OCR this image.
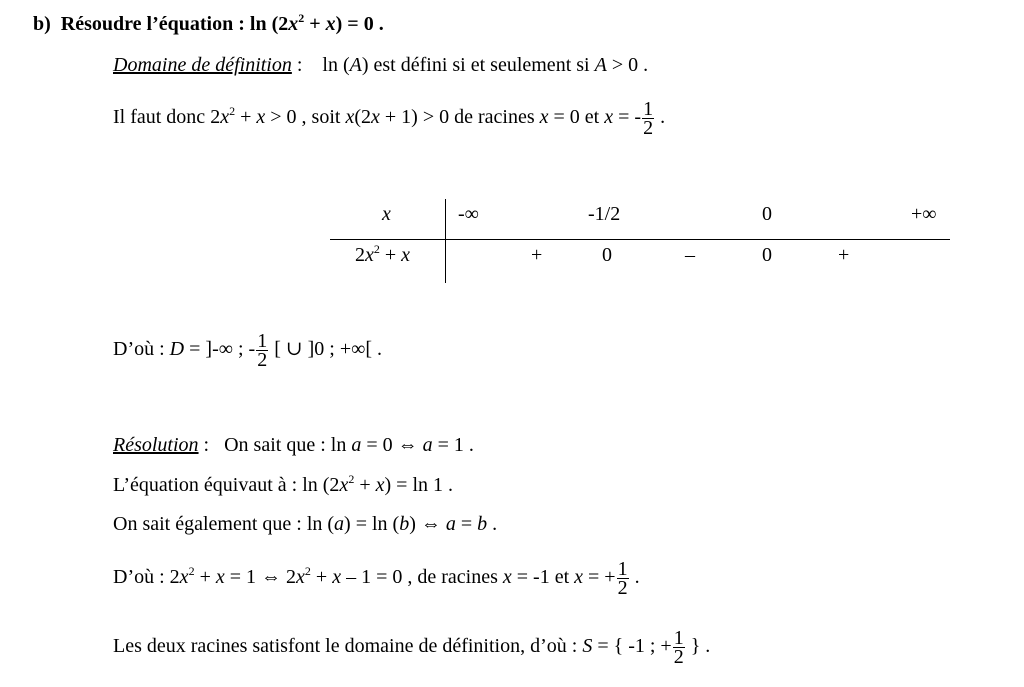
b) Résoudre l’équation : $\ln (2x^2 + x) = 0$ .
Domaine de définition : ln (A) est défini si et seulement si A > 0 .
Il faut donc $2x^2 + x > 0$ , soit x(2x + 1) > 0 de racines x = 0 et x = - $\frac{1}{2}$ .
x	-∞	-1/2	0	+∞
$2x^2 + x$	+	0	–	0	+
D’où : D = ]-∞ ; - $\frac{1}{2}$ [ ∪ ]0 ; +∞[ .
Résolution : On sait que : ln a = 0 ⇔ a = 1 .
L’équation équivaut à : $\ln (2x^2 + x) = \ln 1$ .
On sait également que : ln (a) = ln (b) ⇔ a = b .
D’où : $2x^2 + x = 1$ ⇔ $2x^2 + x - 1 = 0$ , de racines x = -1 et x = + $\frac{1}{2}$ .
Les deux racines satisfont le domaine de définition, d’où : S = { -1 ; + $\frac{1}{2}$ } .
